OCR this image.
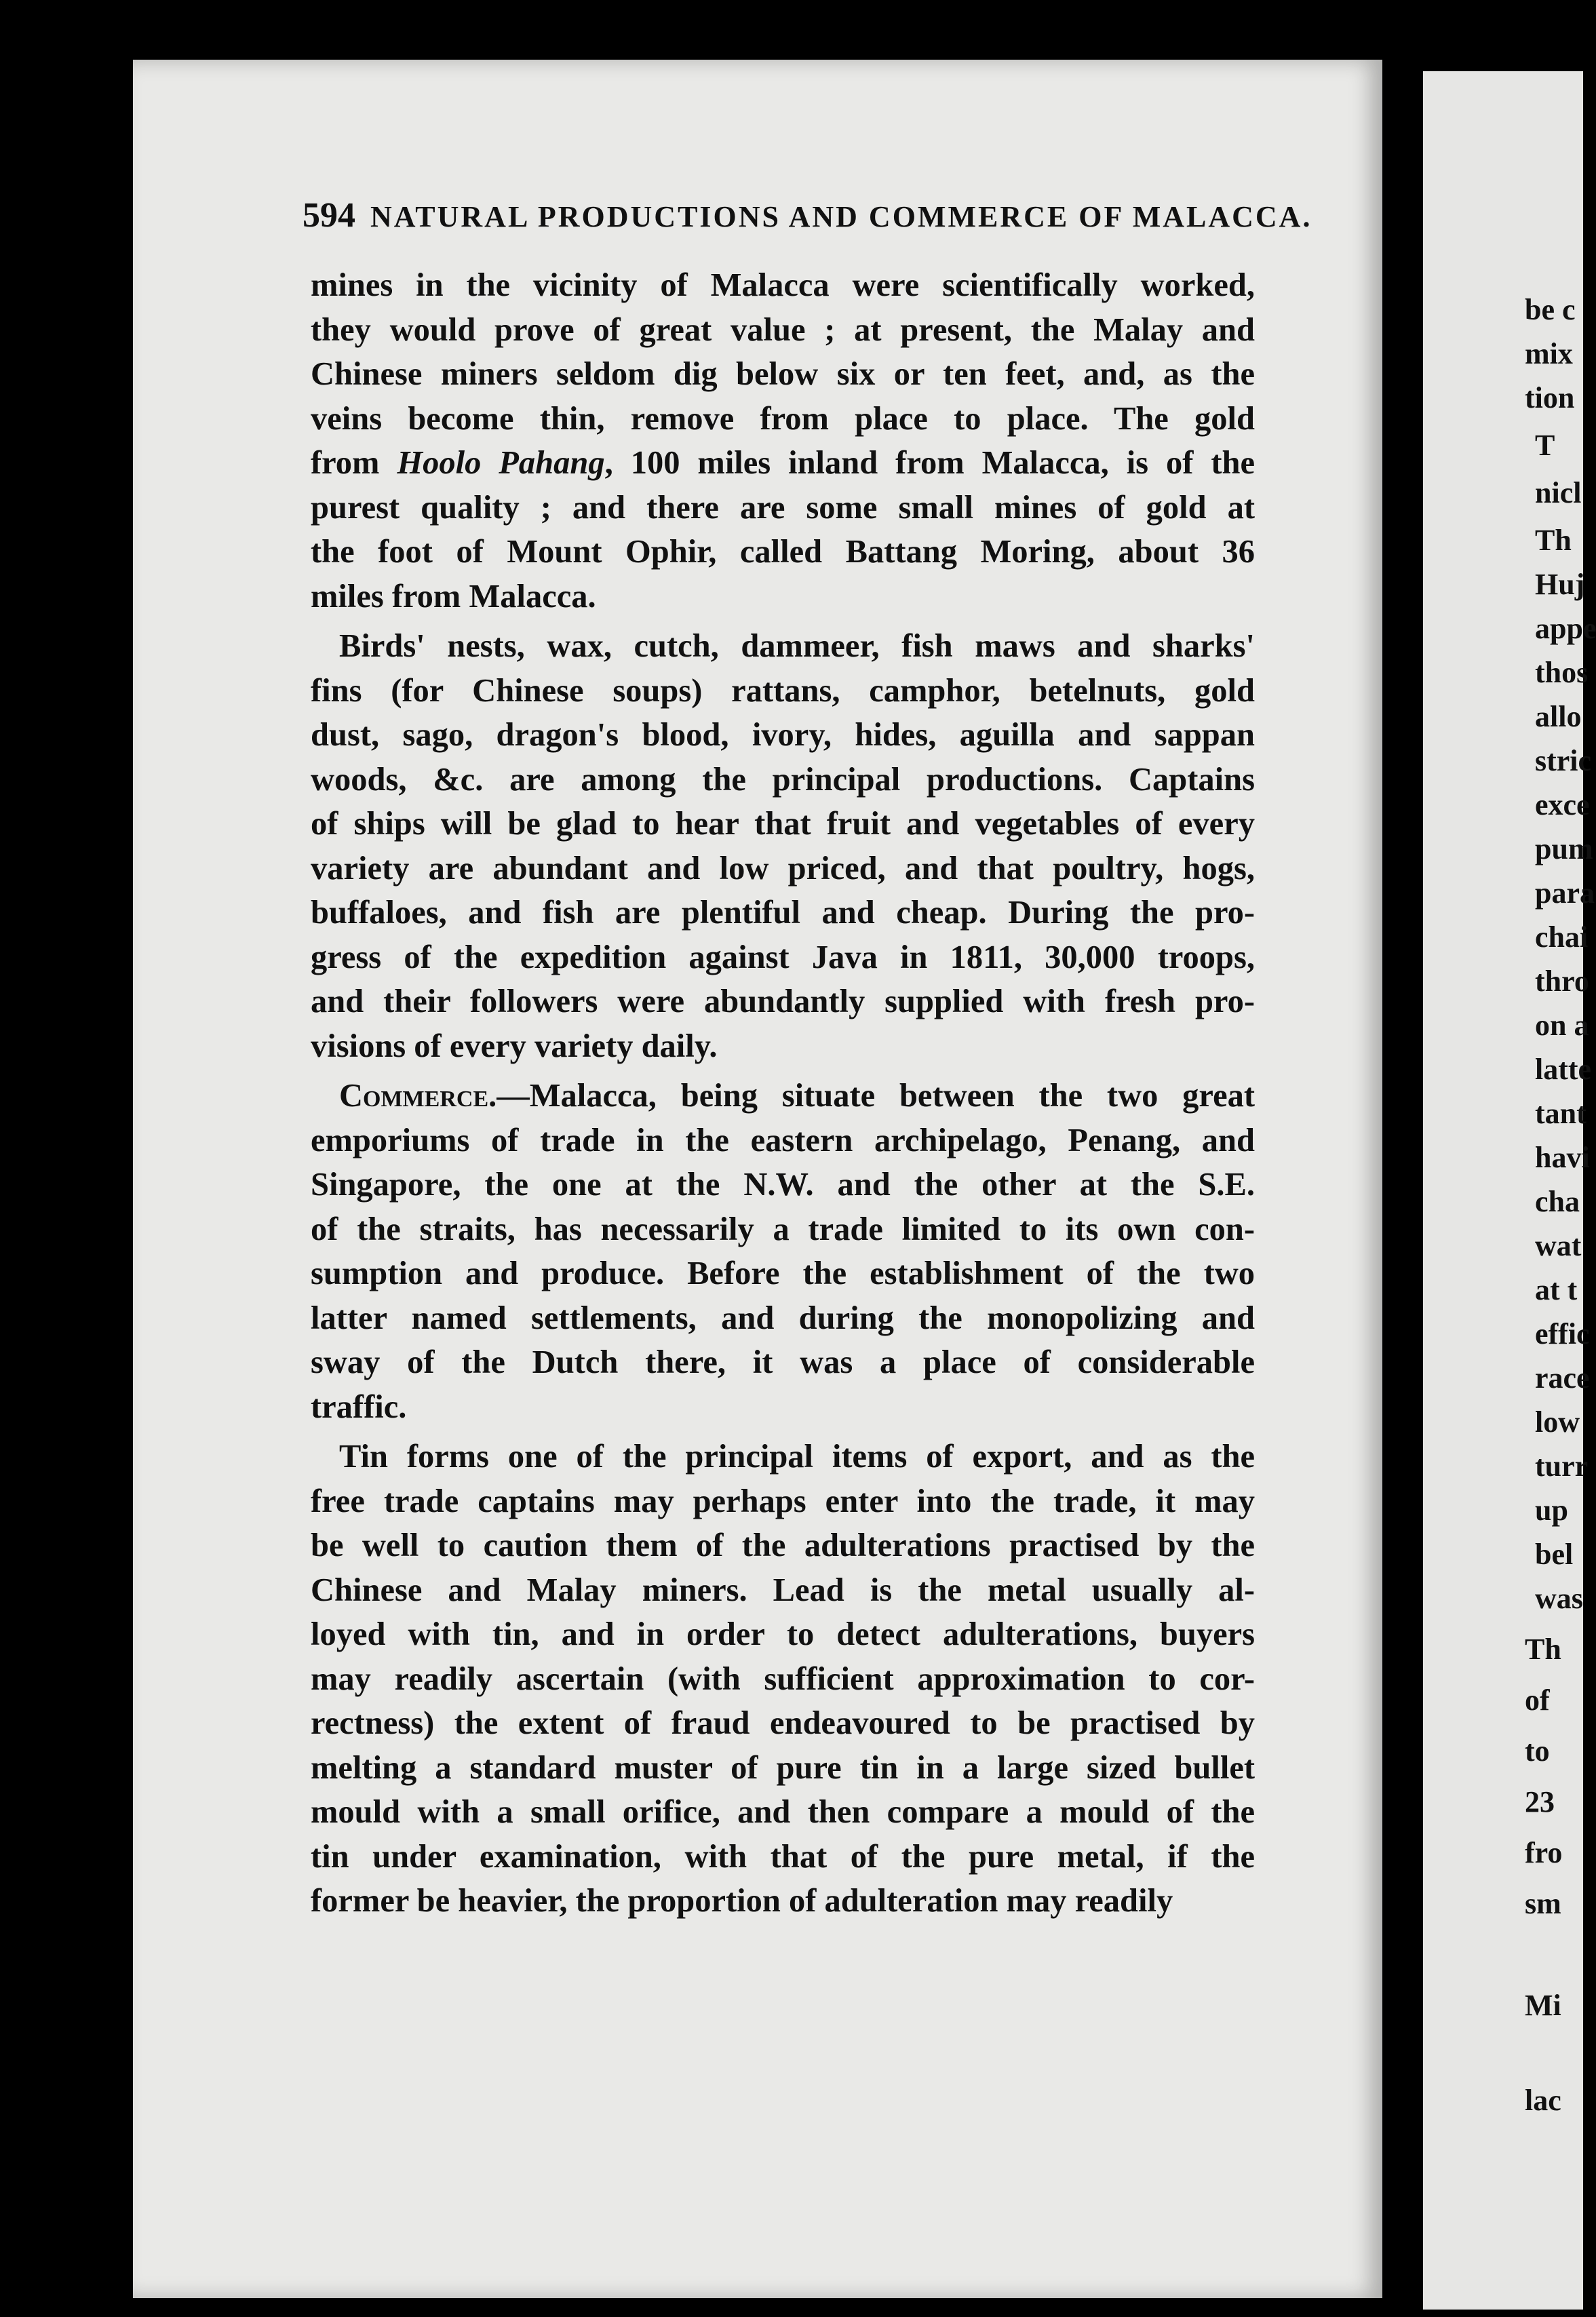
594 NATURAL PRODUCTIONS AND COMMERCE OF MALACCA.

mines in the vicinity of Malacca were scientifically worked,
they would prove of great value ; at present, the Malay and
Chinese miners seldom dig below six or ten feet, and, as the
veins become thin, remove from place to place. The gold
from Hoolo Pahang, 100 miles inland from Malacca, is of the
purest quality ; and there are some small mines of gold at
the foot of Mount Ophir, called Battang Moring, about 36
miles from Malacca.

Birds' nests, wax, cutch, dammeer, fish maws and sharks'
fins (for Chinese soups) rattans, camphor, betelnuts, gold
dust, sago, dragon's blood, ivory, hides, aguilla and sappan
woods, &c. are among the principal productions. Captains
of ships will be glad to hear that fruit and vegetables of every
variety are abundant and low priced, and that poultry, hogs,
buffaloes, and fish are plentiful and cheap. During the pro-
gress of the expedition against Java in 1811, 30,000 troops,
and their followers were abundantly supplied with fresh pro-
visions of every variety daily.

Commerce.—Malacca, being situate between the two great
emporiums of trade in the eastern archipelago, Penang, and
Singapore, the one at the N.W. and the other at the S.E.
of the straits, has necessarily a trade limited to its own con-
sumption and produce. Before the establishment of the two
latter named settlements, and during the monopolizing and
sway of the Dutch there, it was a place of considerable
traffic.

Tin forms one of the principal items of export, and as the
free trade captains may perhaps enter into the trade, it may
be well to caution them of the adulterations practised by the
Chinese and Malay miners. Lead is the metal usually al-
loyed with tin, and in order to detect adulterations, buyers
may readily ascertain (with sufficient approximation to cor-
rectness) the extent of fraud endeavoured to be practised by
melting a standard muster of pure tin in a large sized bullet
mould with a small orifice, and then compare a mould of the
tin under examination, with that of the pure metal, if the
former be heavier, the proportion of adulteration may readily

be c
mix
tion
T
nicl
Th
Huj
appe
thos
allo
stric
exce
pum
para
chai
thro
on a
latte
tant
havi
cha
wat
at t
effic
race
low
turr
up
bel
was
Th
of
to
23
fro
sm
Mi
lac
